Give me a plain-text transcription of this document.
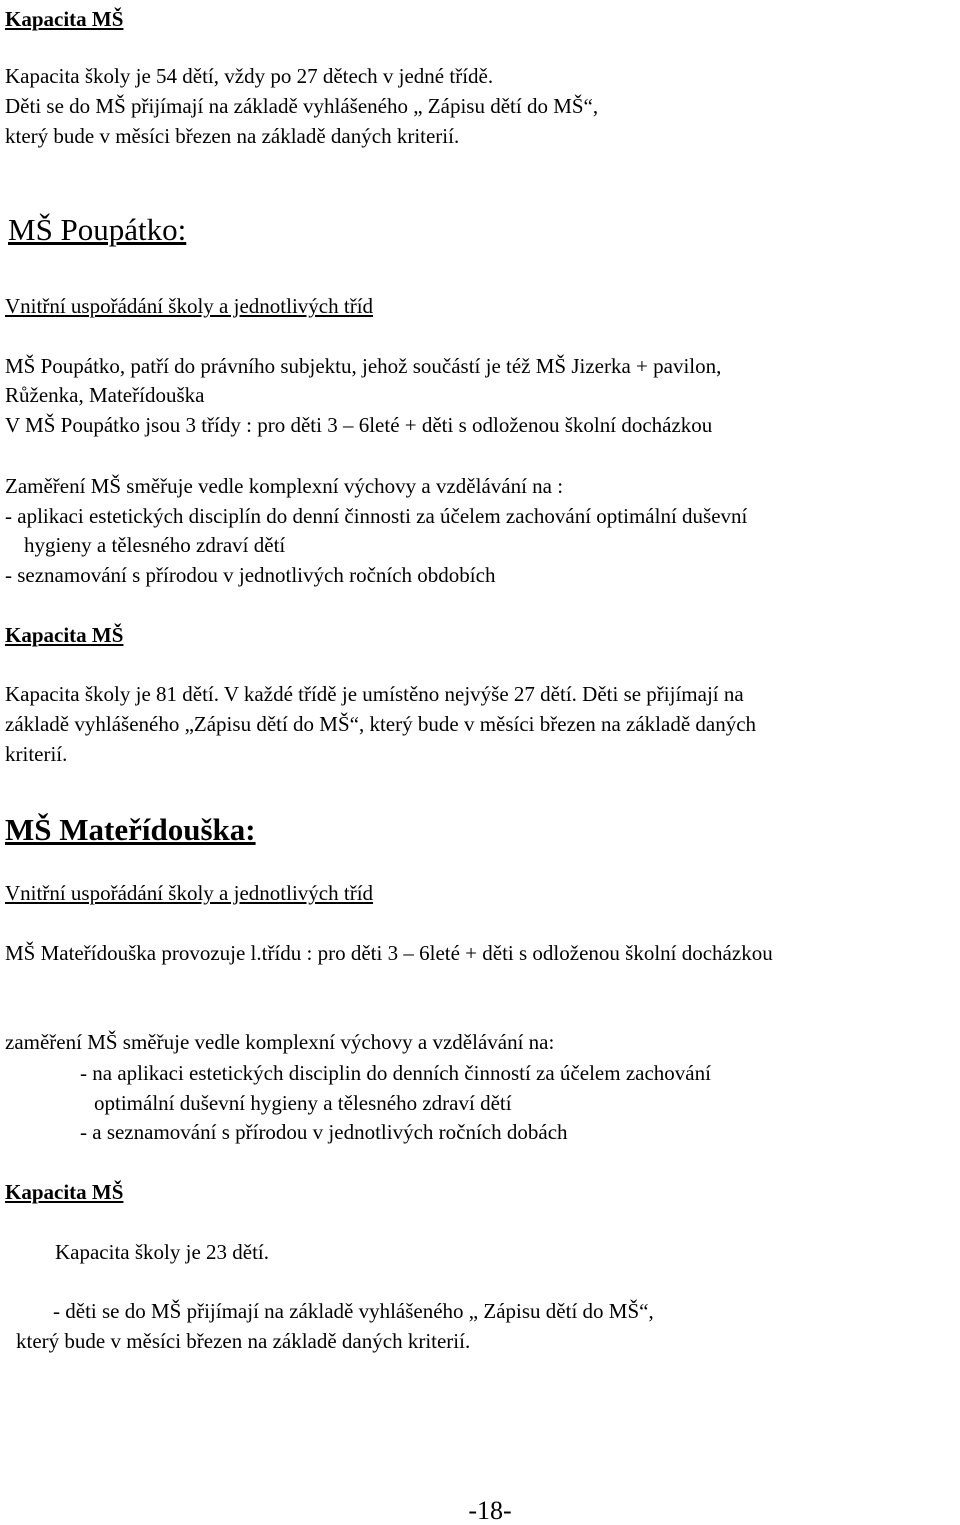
Kapacita MŠ
Kapacita školy je 54 dětí, vždy po 27 dětech v jedné třídě.
Děti se do MŠ přijímají na základě vyhlášeného „ Zápisu dětí do MŠ“,
který bude v měsíci březen na základě daných kriterií.
MŠ Poupátko:
Vnitřní uspořádání školy a jednotlivých tříd
MŠ Poupátko, patří do právního subjektu, jehož součástí je též MŠ Jizerka + pavilon,
Růženka, Mateřídouška
V MŠ Poupátko jsou 3 třídy : pro děti 3 – 6leté + děti s odloženou školní docházkou
Zaměření MŠ směřuje vedle komplexní výchovy a vzdělávání na :
- aplikaci estetických disciplín do denní činnosti za účelem zachování optimální duševní
hygieny a tělesného zdraví dětí
- seznamování s přírodou v jednotlivých ročních obdobích
Kapacita MŠ
Kapacita školy je 81 dětí. V každé třídě je umístěno nejvýše 27 dětí. Děti se přijímají na
základě vyhlášeného „Zápisu dětí do MŠ“, který bude v měsíci březen na základě daných
kriterií.
MŠ Mateřídouška:
Vnitřní uspořádání školy a jednotlivých tříd
MŠ Mateřídouška provozuje l.třídu : pro děti 3 – 6leté + děti s odloženou školní docházkou
zaměření MŠ směřuje vedle komplexní výchovy a vzdělávání na:
- na aplikaci estetických disciplin do denních činností za účelem zachování
optimální duševní hygieny a tělesného zdraví dětí
- a seznamování s přírodou v jednotlivých ročních dobách
Kapacita MŠ
Kapacita školy je 23 dětí.
- děti se do MŠ přijímají na základě vyhlášeného „ Zápisu dětí do MŠ“,
který bude v měsíci březen na základě daných kriterií.
-18-
